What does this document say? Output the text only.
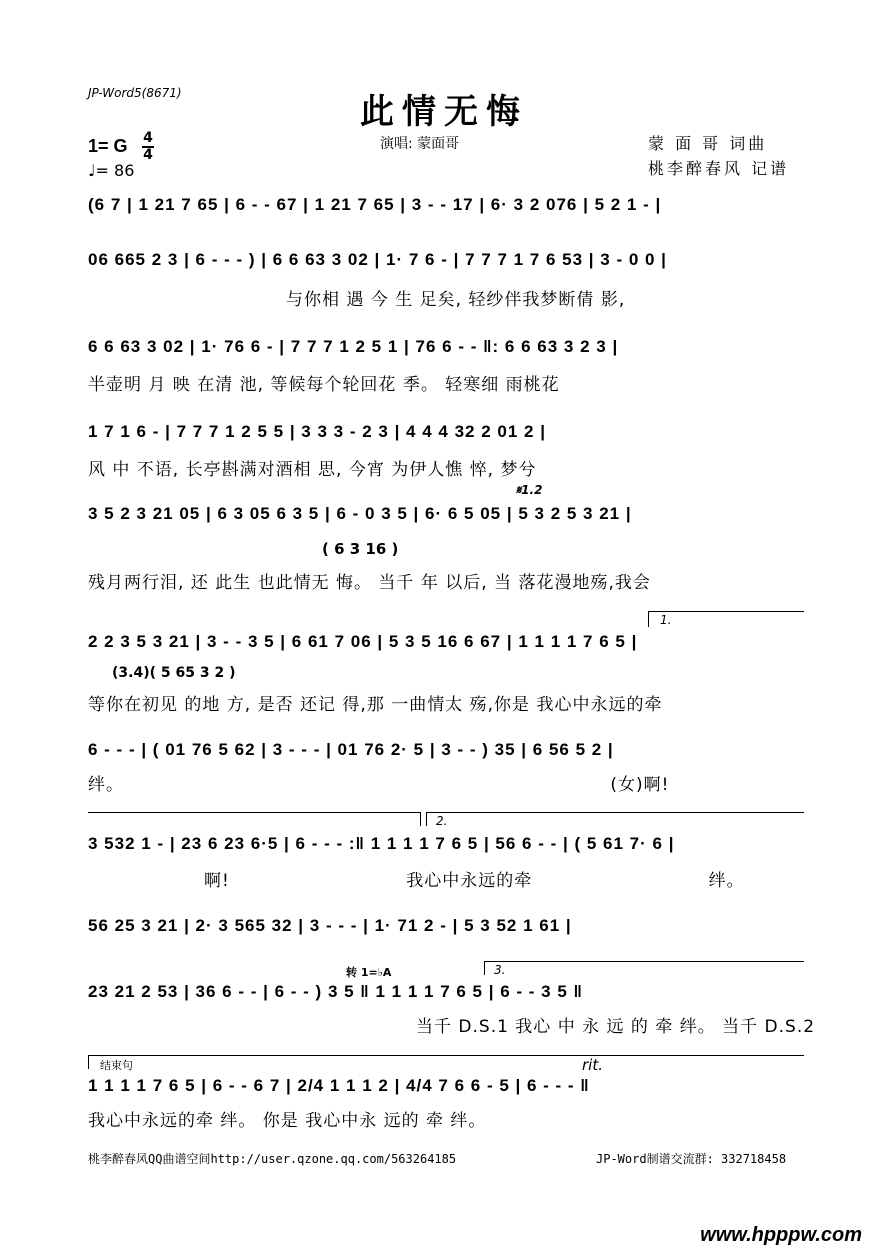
JP-Word5(8671)	此情无悔
演唱: 蒙面哥	蒙 面 哥 词曲
桃李醉春风 记谱
1= G 4
4
♩= 86
(6 7 | 1 21 7 65 | 6 - - 67 | 1 21 7 65 | 3 - - 17 | 6· 3 2 076 | 5 2 1 - |
06 665 2 3 | 6 - - - ) | 6 6 63 3 02 | 1· 7 6 - | 7 7 7 1 7 6 53 | 3 - 0 0 |
与你相 遇 今 生 足矣, 轻纱伴我梦断倩 影,
6 6 63 3 02 | 1· 76 6 - | 7 7 7 1 2 5 1 | 76 6 - - ‖: 6 6 63 3 2 3 |
半壶明 月 映 在清 池, 等候每个轮回花 季。 轻寒细 雨桃花
1 7 1 6 - | 7 7 7 1 2 5 5 | 3 3 3 - 2 3 | 4 4 4 32 2 01 2 |
风 中 不语, 长亭斟满对酒相 思, 今宵 为伊人憔 悴, 梦兮
𝄋1.2
3 5 2 3 21 05 | 6 3 05 6 3 5 | 6 - 0 3 5 | 6· 6 5 05 | 5 3 2 5 3 21 |
( 6 3 16 )
残月两行泪, 还 此生 也此情无 悔。 当千 年 以后, 当 落花漫地殇,我会
1.
2 2 3 5 3 21 | 3 - - 3 5 | 6 61 7 06 | 5 3 5 16 6 67 | 1 1 1 1 7 6 5 |
(3.4)( 5 65 3 2 )
等你在初见 的地 方, 是否 还记 得,那 一曲情太 殇,你是 我心中永远的牵
6 - - - | ( 01 76 5 62 | 3 - - - | 01 76 2· 5 | 3 - - ) 35 | 6 56 5 2 |
绊。 (女)啊!
2.
3 532 1 - | 23 6 23 6·5 | 6 - - - :‖ 1 1 1 1 7 6 5 | 56 6 - - | ( 5 61 7· 6 |
啊! 我心中永远的牵 绊。
56 25 3 21 | 2· 3 565 32 | 3 - - - | 1· 71 2 - | 5 3 52 1 61 |
转 1=♭A	3.
23 21 2 53 | 36 6 - - | 6 - - ) 3 5 ‖ 1 1 1 1 7 6 5 | 6 - - 3 5 ‖
当千 D.S.1 我心 中 永 远 的 牵 绊。 当千 D.S.2
结束句	rit.
1 1 1 1 7 6 5 | 6 - - 6 7 | 2/4 1 1 1 2 | 4/4 7 6 6 - 5 | 6 - - - ‖
我心中永远的牵 绊。 你是 我心中永 远的 牵 绊。
桃李醉春风QQ曲谱空间http://user.qzone.qq.com/563264185	JP-Word制谱交流群: 332718458
www.hpppw.com
